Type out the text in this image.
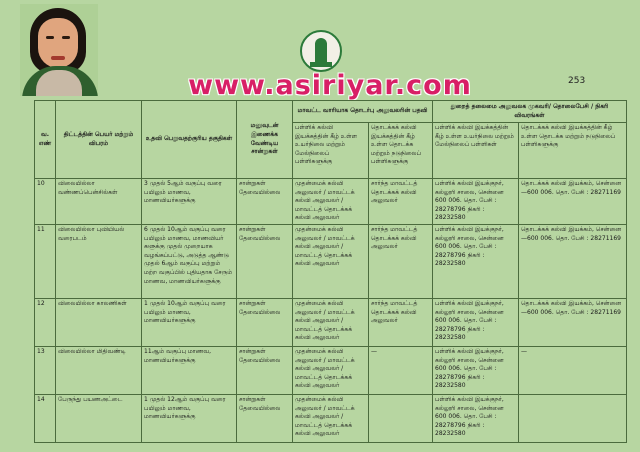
www.asiriyar.com	253
வ. எண்	திட்டத்தின் பெயர் மற்றும் விபரம்	உதவி பெறுவதற்குரிய தகுதிகள்	மனுவுடன் இணைக்க வேண்டிய சான்றுகள்	மாவட்ட வாரியாக தொடர்பு அலுவலரின் பதவி		துறைத் தலைமை அலுவலக முகவரி/ தொலைபேசி / நிகரி விவரங்கள்	
				பள்ளிக் கல்வி இயக்கத்தின் கீழ் உள்ள உயர்நிலை மற்றும் மேல்நிலைப் பள்ளிகளுக்கு	தொடக்கக் கல்வி இயக்கத்தின் கீழ் உள்ள தொடக்க மற்றும் நடுநிலைப் பள்ளிகளுக்கு	பள்ளிக் கல்வி இயக்கத்தின் கீழ் உள்ள உயர்நிலை மற்றும் மேல்நிலைப் பள்ளிகள்	தொடக்கக் கல்வி இயக்கத்தின் கீழ் உள்ள தொடக்க மற்றும் நடுநிலைப் பள்ளிகளுக்கு
10	விலையில்லா வண்ணப்பென்சில்கள்	3 முதல் 5ஆம் வகுப்பு வரை பயிலும் மாணவ, மாணவியர்களுக்கு	சான்றுகள் தேவையில்லை	முதன்மைக் கல்வி அலுவலர் / மாவட்டக் கல்வி அலுவலர் / மாவட்டத் தொடக்கக் கல்வி அலுவலர்	சார்ந்த மாவட்டத் தொடக்கக் கல்வி அலுவலர்	பள்ளிக் கல்வி இயக்குநர், கல்லூரி சாலை, சென்னை 600 006. தொ. பேசி : 28278796 நிகரி : 28232580	தொடக்கக் கல்வி இயக்கம், சென்னை—600 006. தொ. பேசி : 28271169
11	விலையில்லா புவியியல் வரைபடம்	6 முதல் 10ஆம் வகுப்பு வரை பயிலும் மாணவ, மாணவியர் களுக்கு முதல் முறையாக வழங்கப்பட்டு, அடுத்த ஆண்டு முதல் 6ஆம் வகுப்பு மற்றும் மற்ற வகுப்பில் புதியதாக சேரும் மாணவ, மாணவியர்களுக்கு	சான்றுகள் தேவையில்லை	முதன்மைக் கல்வி அலுவலர் / மாவட்டக் கல்வி அலுவலர் / மாவட்டத் தொடக்கக் கல்வி அலுவலர்	சார்ந்த மாவட்டத் தொடக்கக் கல்வி அலுவலர்	பள்ளிக் கல்வி இயக்குநர், கல்லூரி சாலை, சென்னை 600 006. தொ. பேசி : 28278796 நிகரி : 28232580	தொடக்கக் கல்வி இயக்கம், சென்னை—600 006. தொ. பேசி : 28271169
12	விலையில்லா காலணிகள்	1 முதல் 10ஆம் வகுப்பு வரை பயிலும் மாணவ, மாணவியர்களுக்கு	சான்றுகள் தேவையில்லை	முதன்மைக் கல்வி அலுவலர் / மாவட்டக் கல்வி அலுவலர் / மாவட்டத் தொடக்கக் கல்வி அலுவலர்	சார்ந்த மாவட்டத் தொடக்கக் கல்வி அலுவலர்	பள்ளிக் கல்வி இயக்குநர், கல்லூரி சாலை, சென்னை 600 006. தொ. பேசி : 28278796 நிகரி : 28232580	தொடக்கக் கல்வி இயக்கம், சென்னை—600 006. தொ. பேசி : 28271169
13	விலையில்லா மிதிவண்டி	11ஆம் வகுப்பு மாணவ, மாணவியர்களுக்கு	சான்றுகள் தேவையில்லை	முதன்மைக் கல்வி அலுவலர் / மாவட்டக் கல்வி அலுவலர் / மாவட்டத் தொடக்கக் கல்வி அலுவலர்	—	பள்ளிக் கல்வி இயக்குநர், கல்லூரி சாலை, சென்னை 600 006. தொ. பேசி : 28278796 நிகரி : 28232580	—
14	பேருந்து பயணஅட்டை	1 முதல் 12ஆம் வகுப்பு வரை பயிலும் மாணவ, மாணவியர்களுக்கு	சான்றுகள் தேவையில்லை	முதன்மைக் கல்வி அலுவலர் / மாவட்டக் கல்வி அலுவலர் / மாவட்டத் தொடக்கக் கல்வி அலுவலர்		பள்ளிக் கல்வி இயக்குநர், கல்லூரி சாலை, சென்னை 600 006. தொ. பேசி : 28278796 நிகரி : 28232580	
